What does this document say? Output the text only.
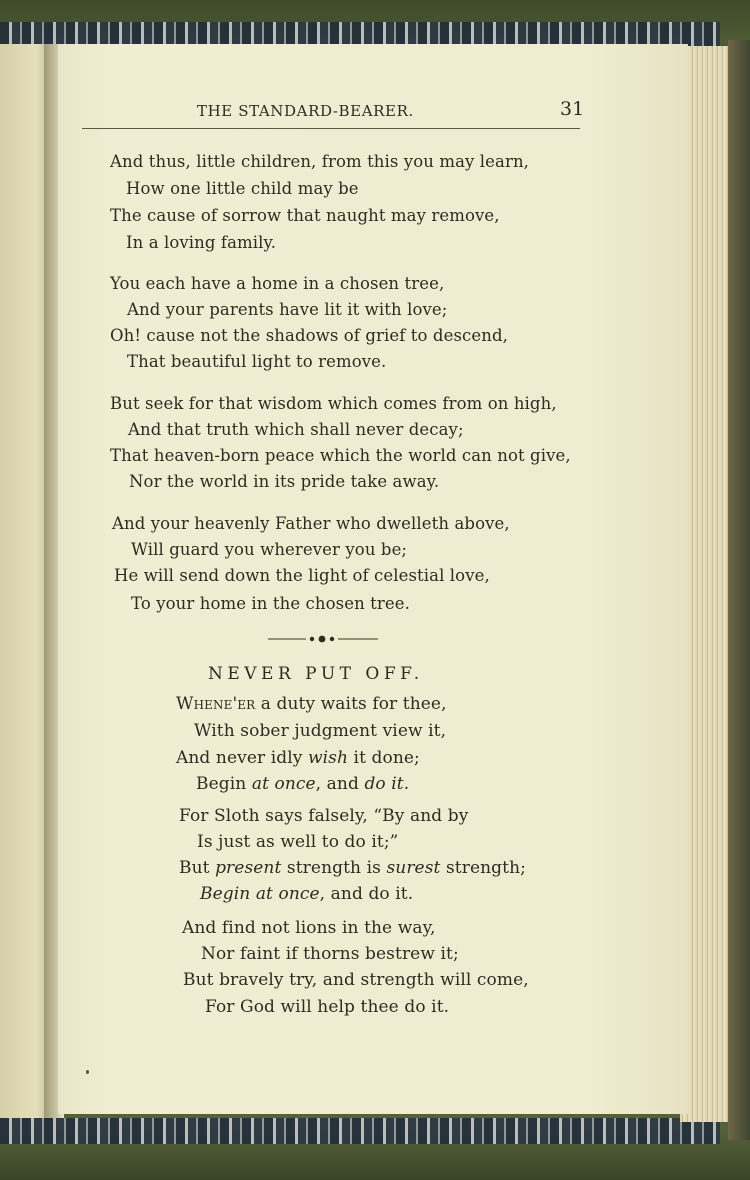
THE STANDARD-BEARER.	31
And thus, little children, from this you may learn,
How one little child may be
The cause of sorrow that naught may remove,
In a loving family.
You each have a home in a chosen tree,
And your parents have lit it with love;
Oh! cause not the shadows of grief to descend,
That beautiful light to remove.
But seek for that wisdom which comes from on high,
And that truth which shall never decay;
That heaven-born peace which the world can not give,
Nor the world in its pride take away.
And your heavenly Father who dwelleth above,
Will guard you wherever you be;
He will send down the light of celestial love,
To your home in the chosen tree.
NEVER PUT OFF.
Whene'er a duty waits for thee,
With sober judgment view it,
And never idly wish it done;
Begin at once, and do it.
For Sloth says falsely, “By and by
Is just as well to do it;”
But present strength is surest strength;
Begin at once, and do it.
And find not lions in the way,
Nor faint if thorns bestrew it;
But bravely try, and strength will come,
For God will help thee do it.
